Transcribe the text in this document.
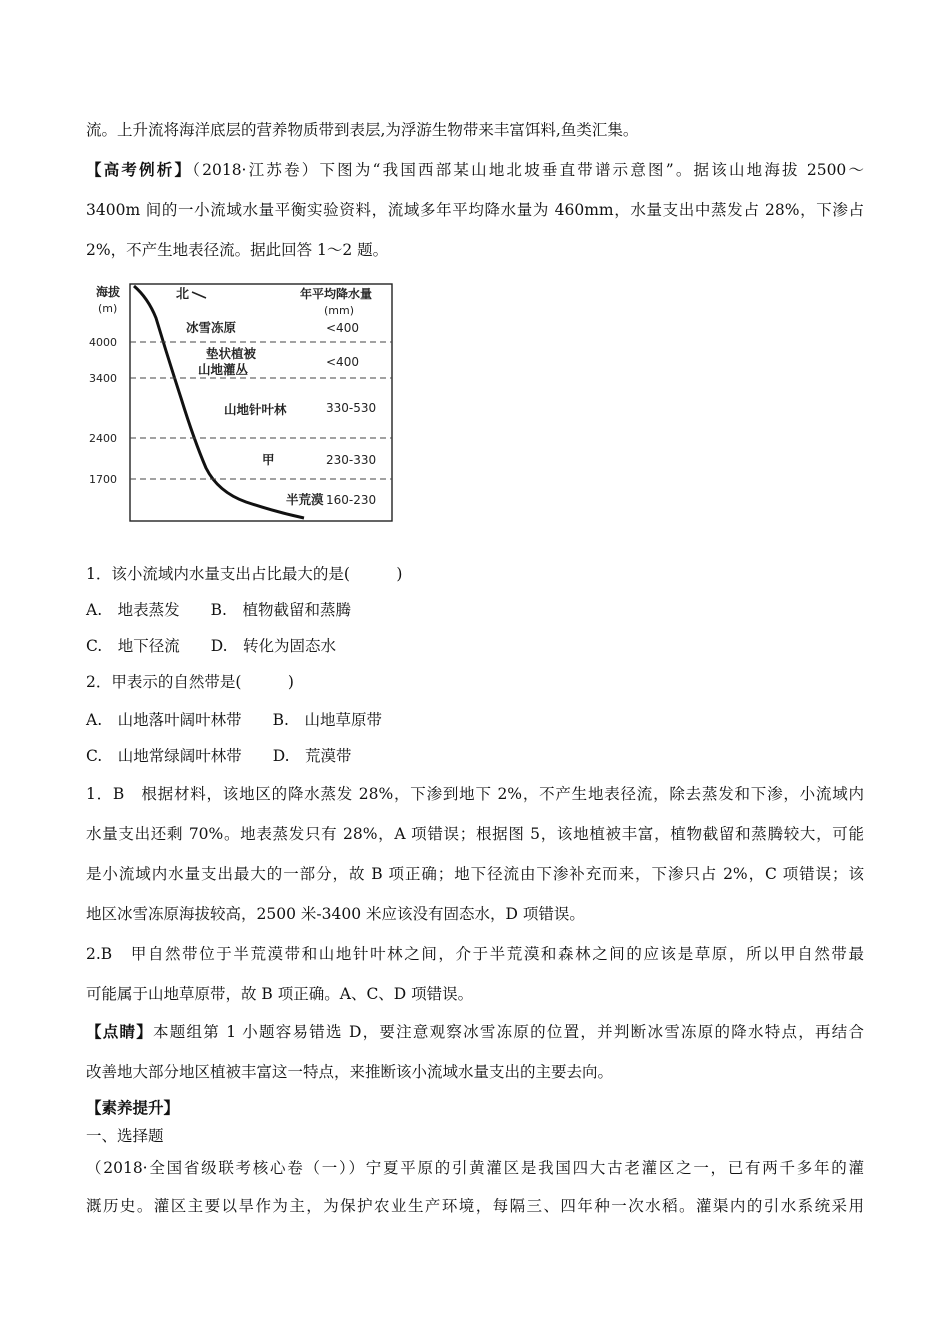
流。上升流将海洋底层的营养物质带到表层,为浮游生物带来丰富饵料,鱼类汇集。
【高考例析】（2018·江苏卷）下图为“我国西部某山地北坡垂直带谱示意图”。据该山地海拔 2500～
3400m 间的一小流域水量平衡实验资料，流域多年平均降水量为 460mm，水量支出中蒸发占 28%，下渗占
2%，不产生地表径流。据此回答 1～2 题。
海拔
(m)
北	年平均降水量
(mm)
4000
3400
2400
1700
冰雪冻原	<400
垫状植被
山地灌丛	<400
山地针叶林	330-530
甲	230-330
半荒漠 160-230
1．该小流域内水量支出占比最大的是(　　　)
A.　地表蒸发　　B.　植物截留和蒸腾
C.　地下径流　　D.　转化为固态水
2．甲表示的自然带是(　　　)
A.　山地落叶阔叶林带　　B.　山地草原带
C.　山地常绿阔叶林带　　D.　荒漠带
1．B　根据材料，该地区的降水蒸发 28%，下渗到地下 2%，不产生地表径流，除去蒸发和下渗，小流域内
水量支出还剩 70%。地表蒸发只有 28%，A 项错误；根据图 5，该地植被丰富，植物截留和蒸腾较大，可能
是小流域内水量支出最大的一部分，故 B 项正确；地下径流由下渗补充而来，下渗只占 2%，C 项错误；该
地区冰雪冻原海拔较高，2500 米-3400 米应该没有固态水，D 项错误。
2.B　甲自然带位于半荒漠带和山地针叶林之间，介于半荒漠和森林之间的应该是草原，所以甲自然带最
可能属于山地草原带，故 B 项正确。A、C、D 项错误。
【点睛】本题组第 1 小题容易错选 D，要注意观察冰雪冻原的位置，并判断冰雪冻原的降水特点，再结合
改善地大部分地区植被丰富这一特点，来推断该小流域水量支出的主要去向。
【素养提升】
一、选择题
（2018·全国省级联考核心卷（一））宁夏平原的引黄灌区是我国四大古老灌区之一，已有两千多年的灌
溉历史。灌区主要以旱作为主，为保护农业生产环境，每隔三、四年种一次水稻。灌渠内的引水系统采用
